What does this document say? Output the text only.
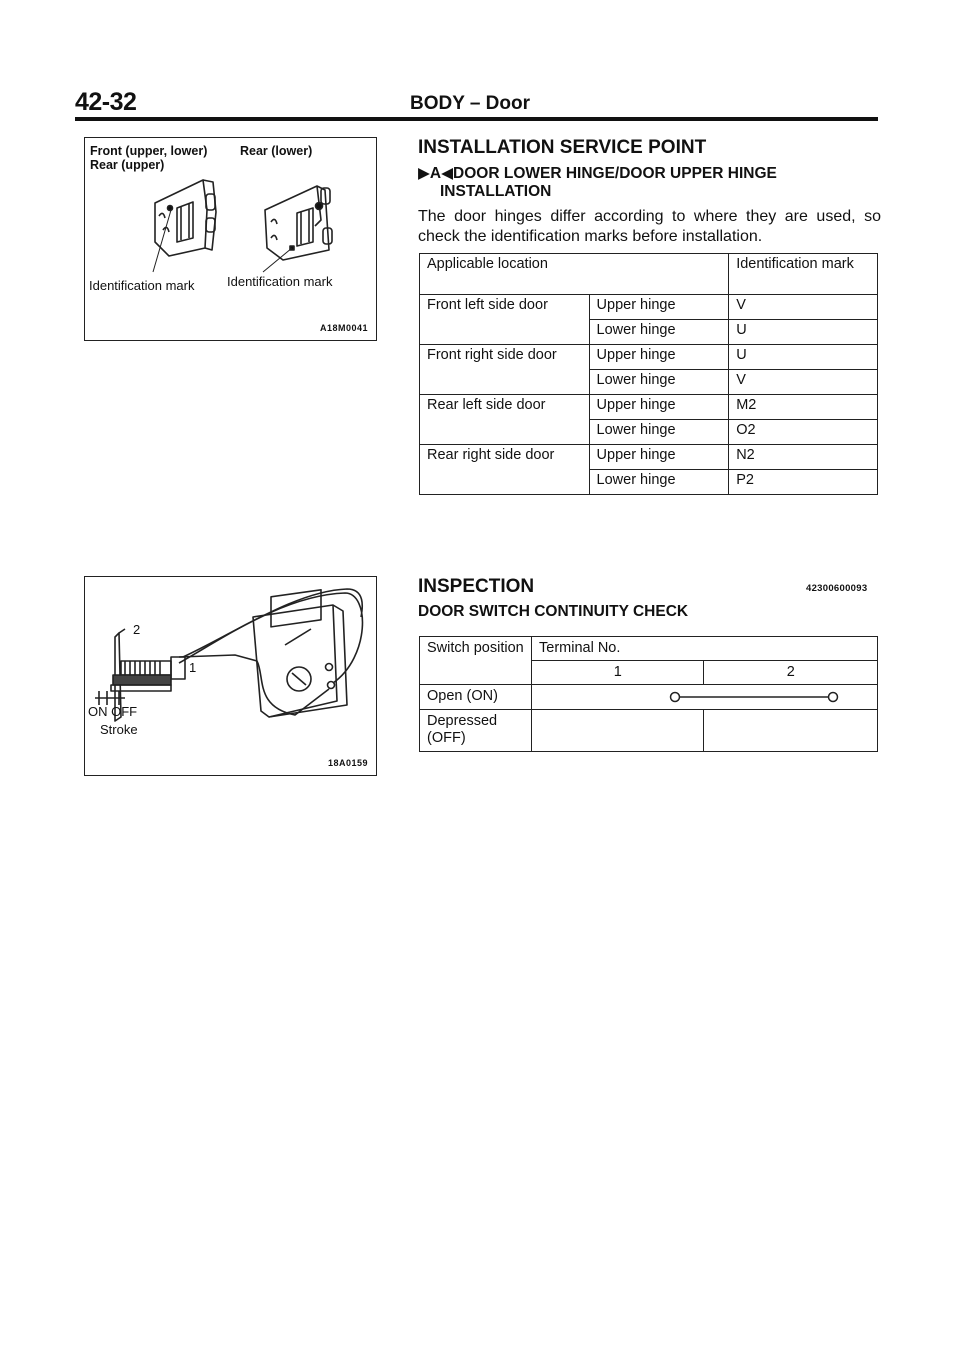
42-32	BODY – Door
Front (upper, lower)
Rear (upper)
Rear (lower)
Identification mark	Identification mark
A18M0041
INSTALLATION SERVICE POINT
▶A◀DOOR LOWER HINGE/DOOR UPPER HINGE
INSTALLATION
The door hinges differ according to where they are used, so check the identification marks before installation.
Applicable location		Identification mark
Front left side door	Upper hinge	V
	Lower hinge	U
Front right side door	Upper hinge	U
	Lower hinge	V
Rear left side door	Upper hinge	M2
	Lower hinge	O2
Rear right side door	Upper hinge	N2
	Lower hinge	P2
2
1
ON OFF
Stroke
18A0159
INSPECTION	42300600093
DOOR SWITCH CONTINUITY CHECK
Switch position	Terminal No.	
	1	2
Open (ON)	

Depressed (OFF)		
